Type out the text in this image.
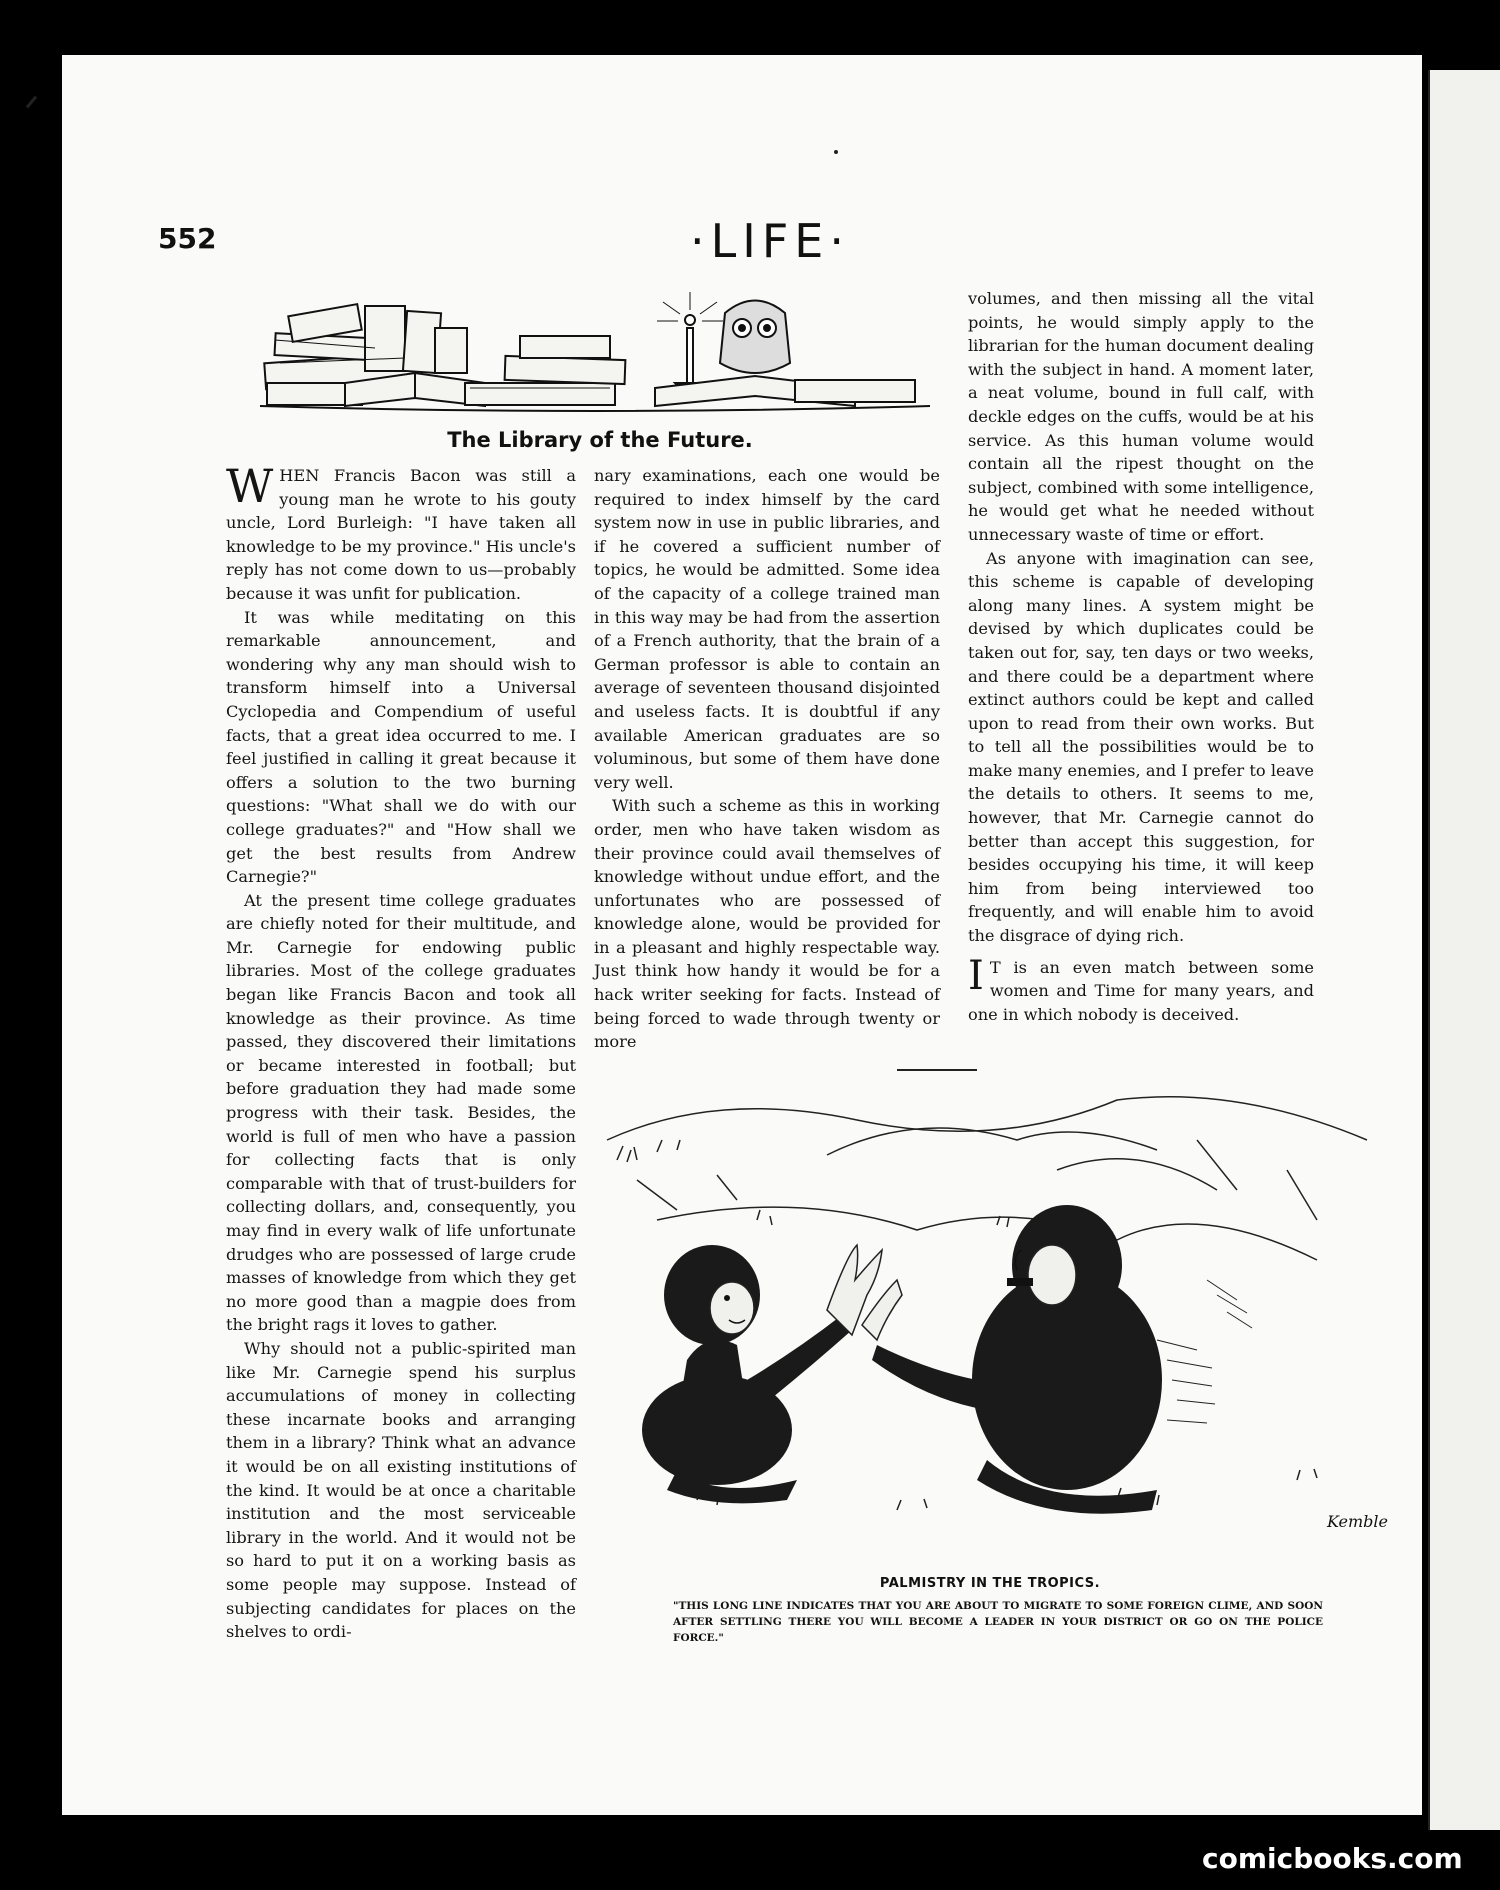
552	·LIFE·
The Library of the Future.

WHEN Francis Bacon was still a young man he wrote to his gouty uncle, Lord Burleigh: "I have taken all knowledge to be my province." His uncle's reply has not come down to us—probably because it was unfit for publication.

It was while meditating on this remarkable announcement, and wondering why any man should wish to transform himself into a Universal Cyclopedia and Compendium of useful facts, that a great idea occurred to me. I feel justified in calling it great because it offers a solution to the two burning questions: "What shall we do with our college graduates?" and "How shall we get the best results from Andrew Carnegie?"

At the present time college graduates are chiefly noted for their multitude, and Mr. Carnegie for endowing public libraries. Most of the college graduates began like Francis Bacon and took all knowledge as their province. As time passed, they discovered their limitations or became interested in football; but before graduation they had made some progress with their task. Besides, the world is full of men who have a passion for collecting facts that is only comparable with that of trust-builders for collecting dollars, and, consequently, you may find in every walk of life unfortunate drudges who are possessed of large crude masses of knowledge from which they get no more good than a magpie does from the bright rags it loves to gather.

Why should not a public-spirited man like Mr. Carnegie spend his surplus accumulations of money in collecting these incarnate books and arranging them in a library? Think what an advance it would be on all existing institutions of the kind. It would be at once a charitable institution and the most serviceable library in the world. And it would not be so hard to put it on a working basis as some people may suppose. Instead of subjecting candidates for places on the shelves to ordi-

nary examinations, each one would be required to index himself by the card system now in use in public libraries, and if he covered a sufficient number of topics, he would be admitted. Some idea of the capacity of a college trained man in this way may be had from the assertion of a French authority, that the brain of a German professor is able to contain an average of seventeen thousand disjointed and useless facts. It is doubtful if any available American graduates are so voluminous, but some of them have done very well.

With such a scheme as this in working order, men who have taken wisdom as their province could avail themselves of knowledge without undue effort, and the unfortunates who are possessed of knowledge alone, would be provided for in a pleasant and highly respectable way. Just think how handy it would be for a hack writer seeking for facts. Instead of being forced to wade through twenty or more

volumes, and then missing all the vital points, he would simply apply to the librarian for the human document dealing with the subject in hand. A moment later, a neat volume, bound in full calf, with deckle edges on the cuffs, would be at his service. As this human volume would contain all the ripest thought on the subject, combined with some intelligence, he would get what he needed without unnecessary waste of time or effort.

As anyone with imagination can see, this scheme is capable of developing along many lines. A system might be devised by which duplicates could be taken out for, say, ten days or two weeks, and there could be a department where extinct authors could be kept and called upon to read from their own works. But to tell all the possibilities would be to make many enemies, and I prefer to leave the details to others. It seems to me, however, that Mr. Carnegie cannot do better than accept this suggestion, for besides occupying his time, it will keep him from being interviewed too frequently, and will enable him to avoid the disgrace of dying rich.

I T is an even match between some women and Time for many years, and one in which nobody is deceived.

Kemble
PALMISTRY IN THE TROPICS.
"THIS LONG LINE INDICATES THAT YOU ARE ABOUT TO MIGRATE TO SOME FOREIGN CLIME, AND SOON AFTER SETTLING THERE YOU WILL BECOME A LEADER IN YOUR DISTRICT OR GO ON THE POLICE FORCE."
comicbooks.com
